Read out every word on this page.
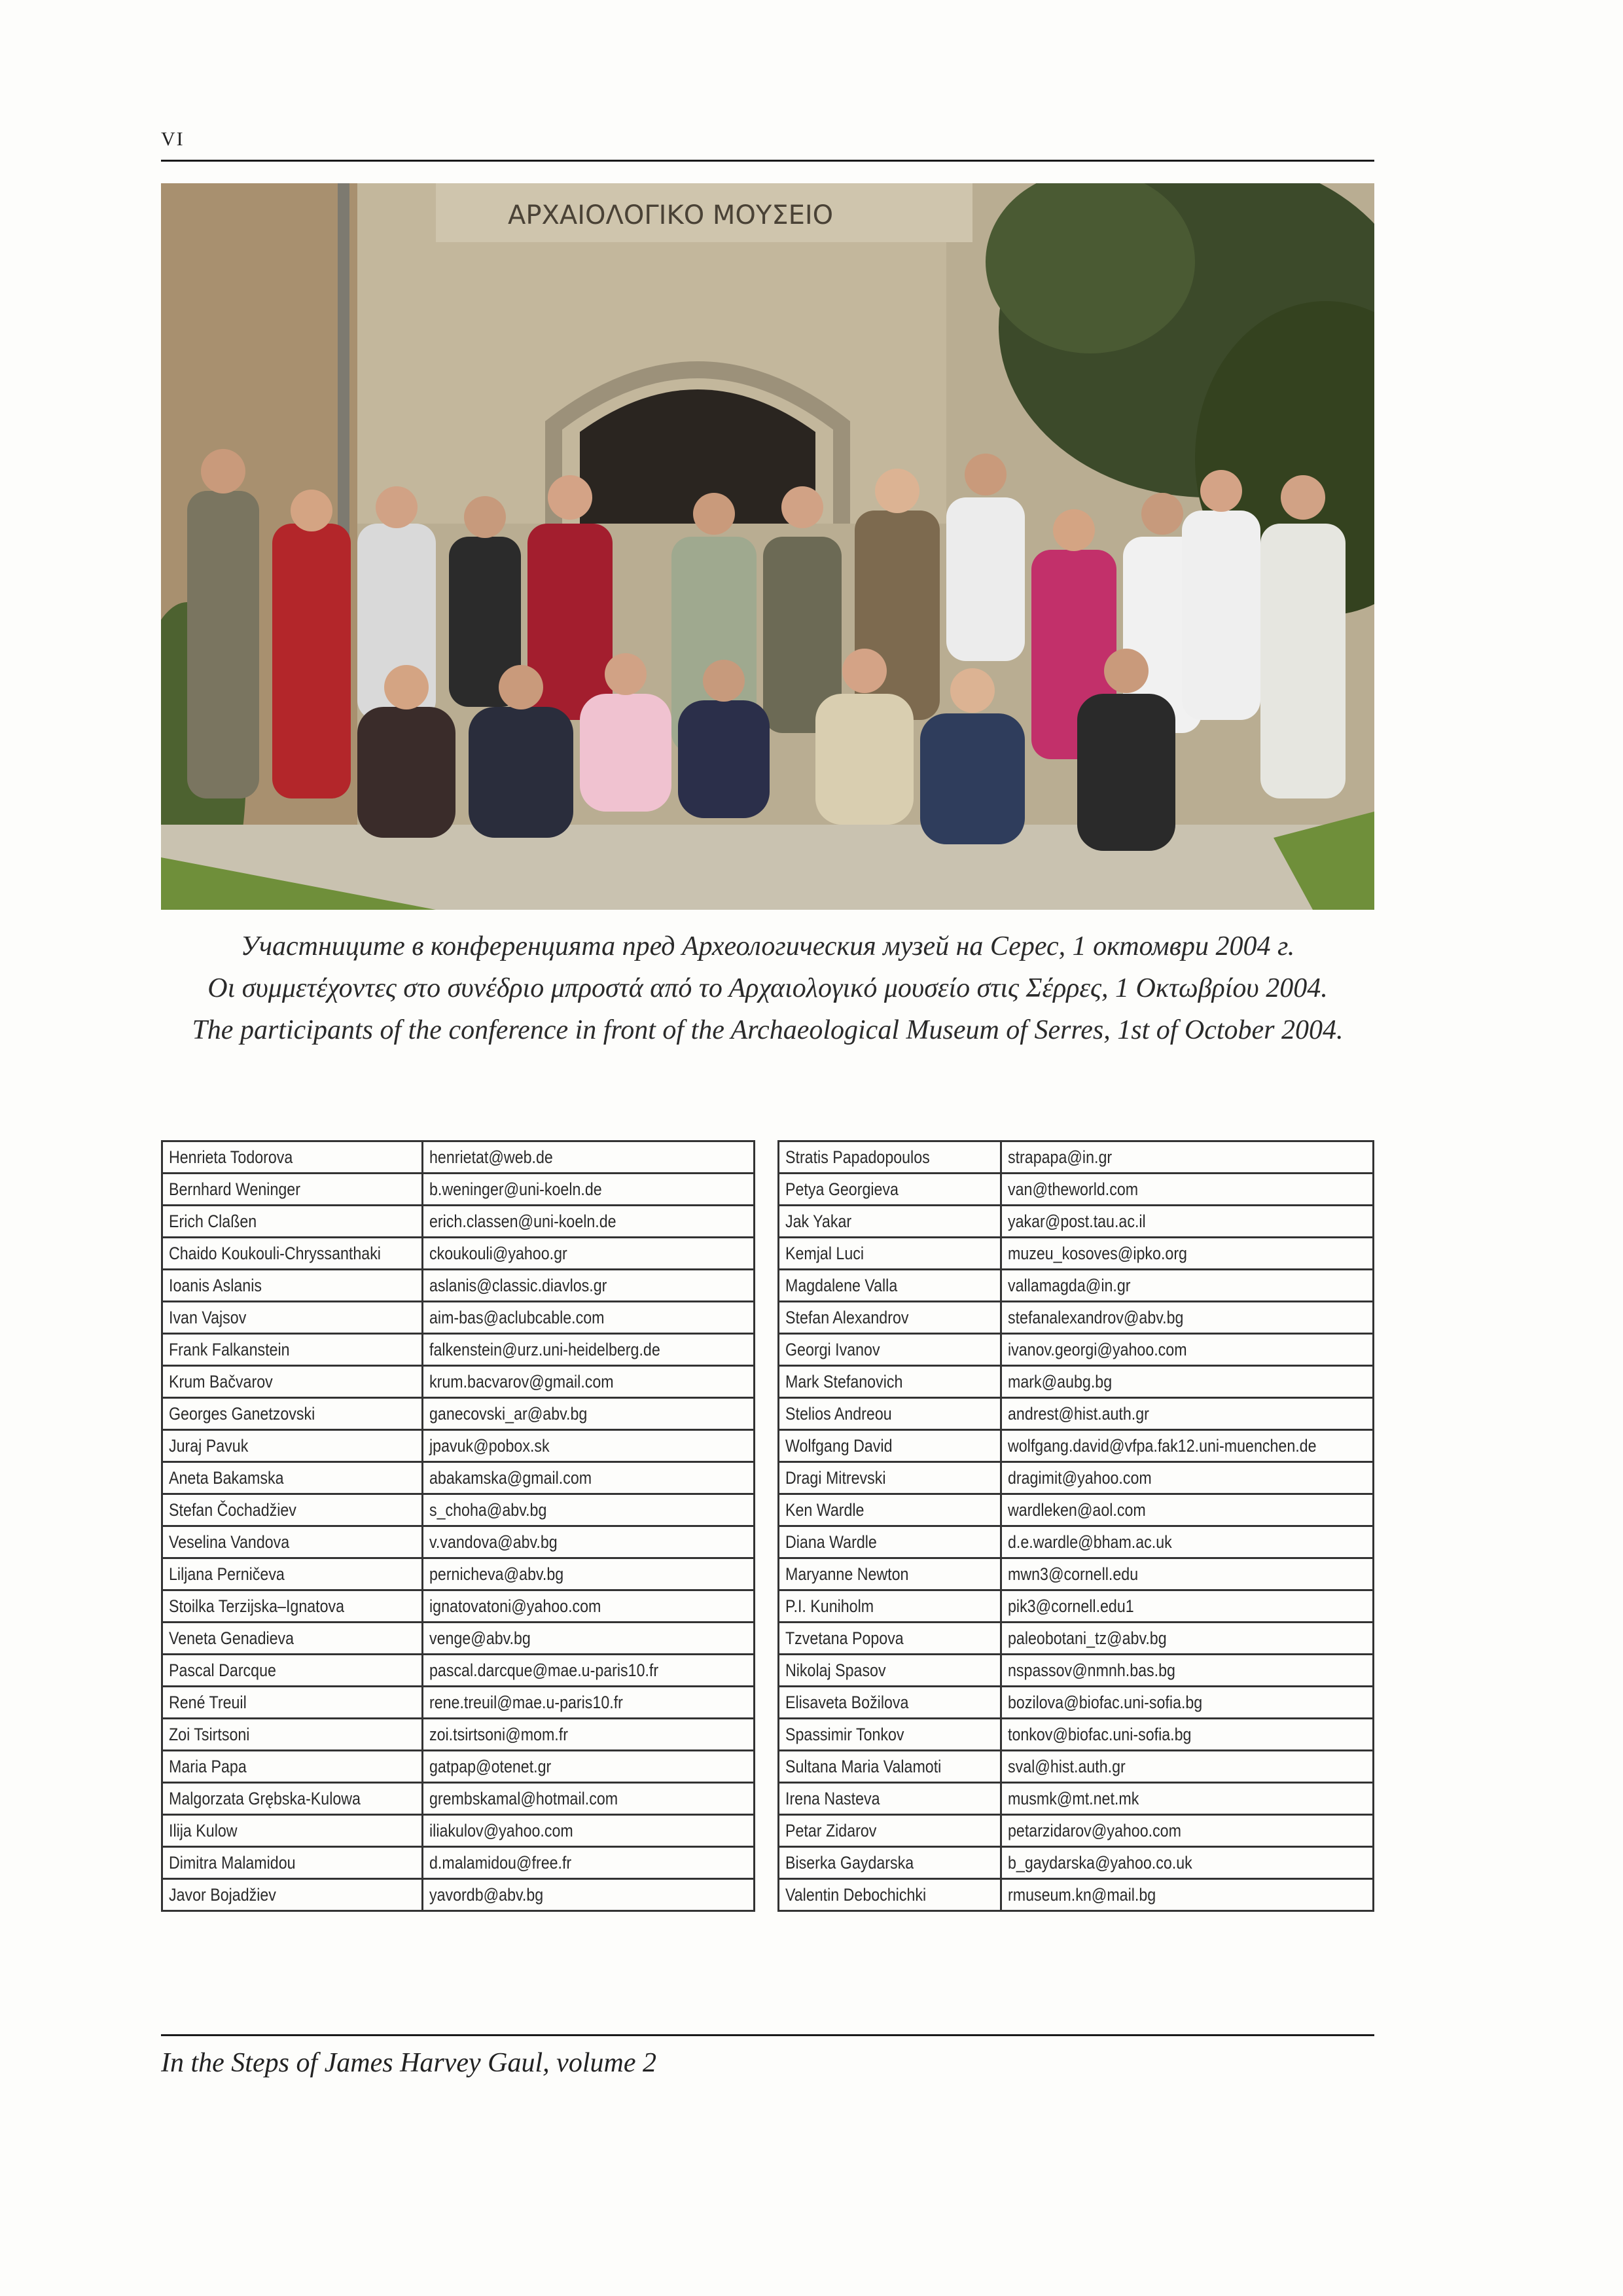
VI
ΑΡΧΑΙΟΛΟΓΙΚΟ ΜΟΥΣΕΙΟ
Участниците в конференцията пред Археологическия музей на Серес, 1 октомври 2004 г.
Οι συμμετέχοντες στο συνέδριο μπροστά από το Αρχαιολογικό μουσείο στις Σέρρες, 1 Οκτωβρίου 2004.
The participants of the conference in front of the Archaeological Museum of Serres, 1st of October 2004.
Henrieta Todorova	henrietat@web.de
Bernhard Weninger	b.weninger@uni-koeln.de
Erich Claßen	erich.classen@uni-koeln.de
Chaido Koukouli-Chryssanthaki	ckoukouli@yahoo.gr
Ioanis Aslanis	aslanis@classic.diavlos.gr
Ivan Vajsov	aim-bas@aclubcable.com
Frank Falkanstein	falkenstein@urz.uni-heidelberg.de
Krum Bačvarov	krum.bacvarov@gmail.com
Georges Ganetzovski	ganecovski_ar@abv.bg
Juraj Pavuk	jpavuk@pobox.sk
Aneta Bakamska	abakamska@gmail.com
Stefan Čochadžiev	s_choha@abv.bg
Veselina Vandova	v.vandova@abv.bg
Liljana Perničeva	pernicheva@abv.bg
Stoilka Terzijska–Ignatova	ignatovatoni@yahoo.com
Veneta Genadieva	venge@abv.bg
Pascal Darcque	pascal.darcque@mae.u-paris10.fr
René Treuil	rene.treuil@mae.u-paris10.fr
Zoi Tsirtsoni	zoi.tsirtsoni@mom.fr
Maria Papa	gatpap@otenet.gr
Malgorzata Grębska-Kulowa	grembskamal@hotmail.com
Ilija Kulow	iliakulov@yahoo.com
Dimitra Malamidou	d.malamidou@free.fr
Javor Bojadžiev	yavordb@abv.bg
Stratis Papadopoulos	strapapa@in.gr
Petya Georgieva	van@theworld.com
Jak Yakar	yakar@post.tau.ac.il
Kemjal Luci	muzeu_kosoves@ipko.org
Magdalene Valla	vallamagda@in.gr
Stefan Alexandrov	stefanalexandrov@abv.bg
Georgi Ivanov	ivanov.georgi@yahoo.com
Mark Stefanovich	mark@aubg.bg
Stelios Andreou	andrest@hist.auth.gr
Wolfgang David	wolfgang.david@vfpa.fak12.uni-muenchen.de
Dragi Mitrevski	dragimit@yahoo.com
Ken Wardle	wardleken@aol.com
Diana Wardle	d.e.wardle@bham.ac.uk
Maryanne Newton	mwn3@cornell.edu
P.I. Kuniholm	pik3@cornell.edu1
Tzvetana Popova	paleobotani_tz@abv.bg
Nikolaj Spasov	nspassov@nmnh.bas.bg
Elisaveta Božilova	bozilova@biofac.uni-sofia.bg
Spassimir Tonkov	tonkov@biofac.uni-sofia.bg
Sultana Maria Valamoti	sval@hist.auth.gr
Irena Nasteva	musmk@mt.net.mk
Petar Zidarov	petarzidarov@yahoo.com
Biserka Gaydarska	b_gaydarska@yahoo.co.uk
Valentin Debochichki	rmuseum.kn@mail.bg
In the Steps of James Harvey Gaul, volume 2
